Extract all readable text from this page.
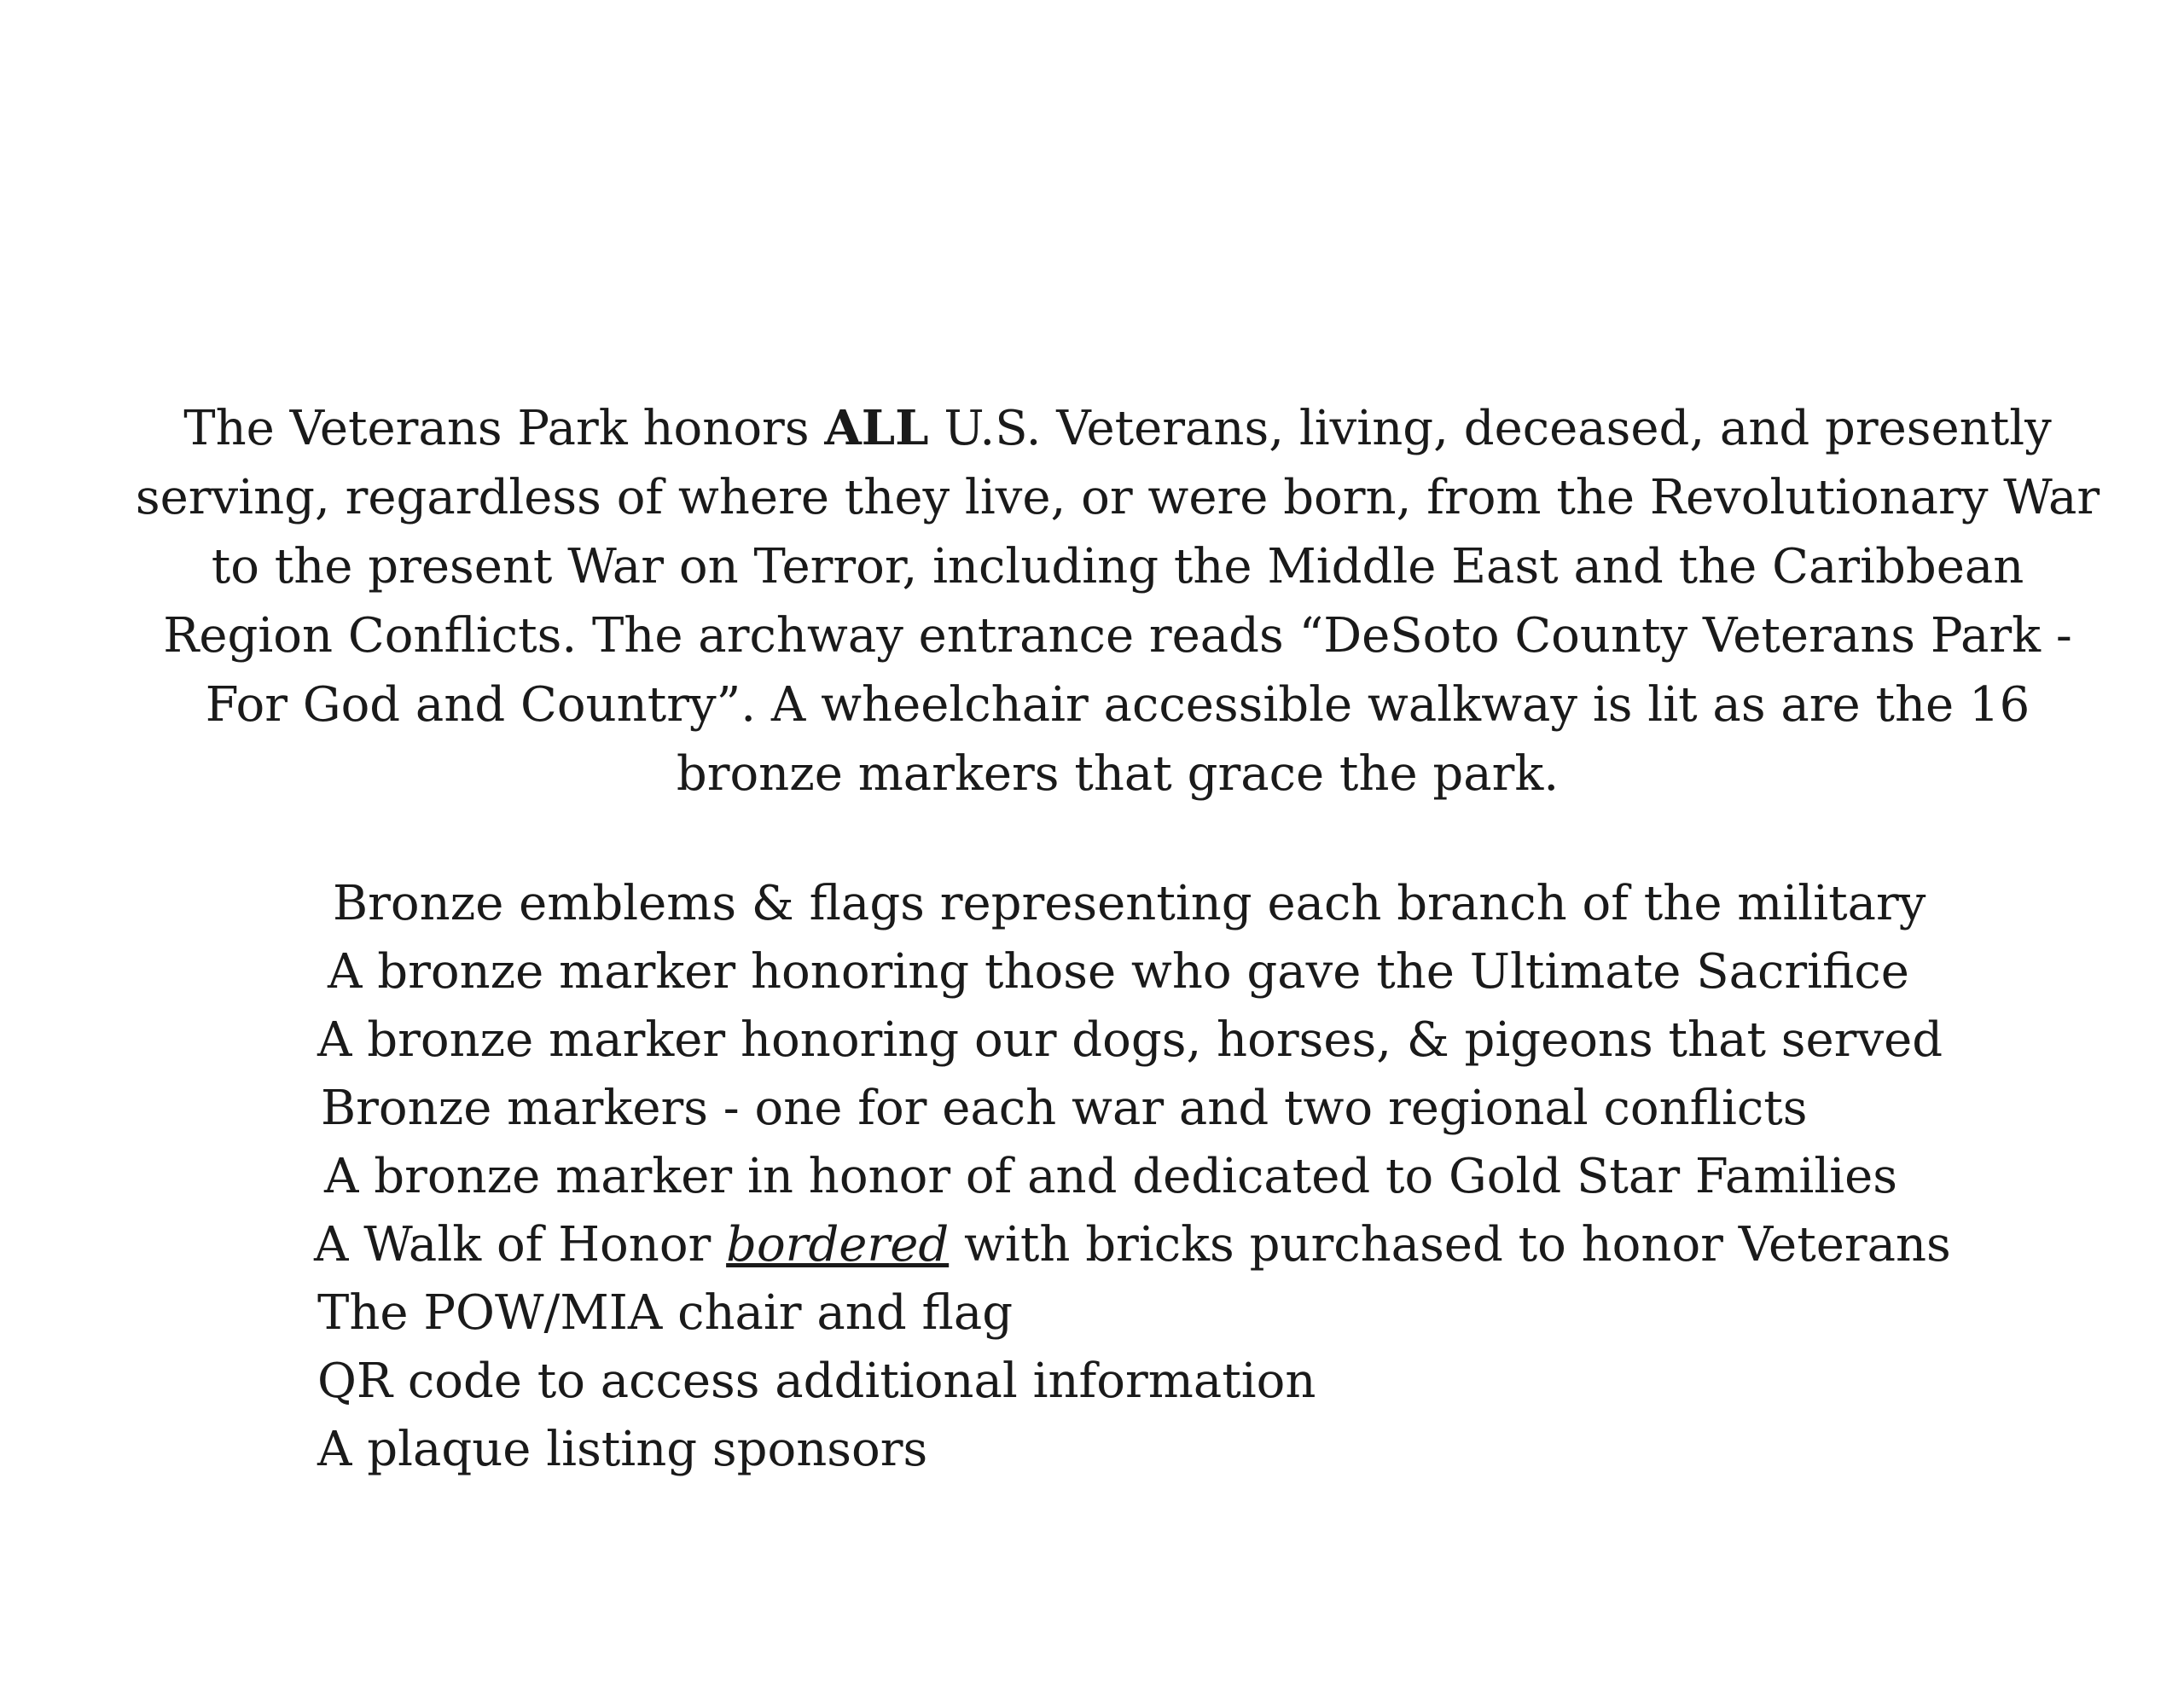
The Veterans Park honors ALL U.S. Veterans, living, deceased, and presently
serving, regardless of where they live, or were born, from the Revolutionary War
to the present War on Terror, including the Middle East and the Caribbean
Region Conflicts. The archway entrance reads “DeSoto County Veterans Park -
For God and Country”. A wheelchair accessible walkway is lit as are the 16
bronze markers that grace the park.

Bronze emblems & flags representing each branch of the military
A bronze marker honoring those who gave the Ultimate Sacrifice
A bronze marker honoring our dogs, horses, & pigeons that served
Bronze markers - one for each war and two regional conflicts
A bronze marker in honor of and dedicated to Gold Star Families
A Walk of Honor bordered with bricks purchased to honor Veterans
The POW/MIA chair and flag
QR code to access additional information
A plaque listing sponsors
